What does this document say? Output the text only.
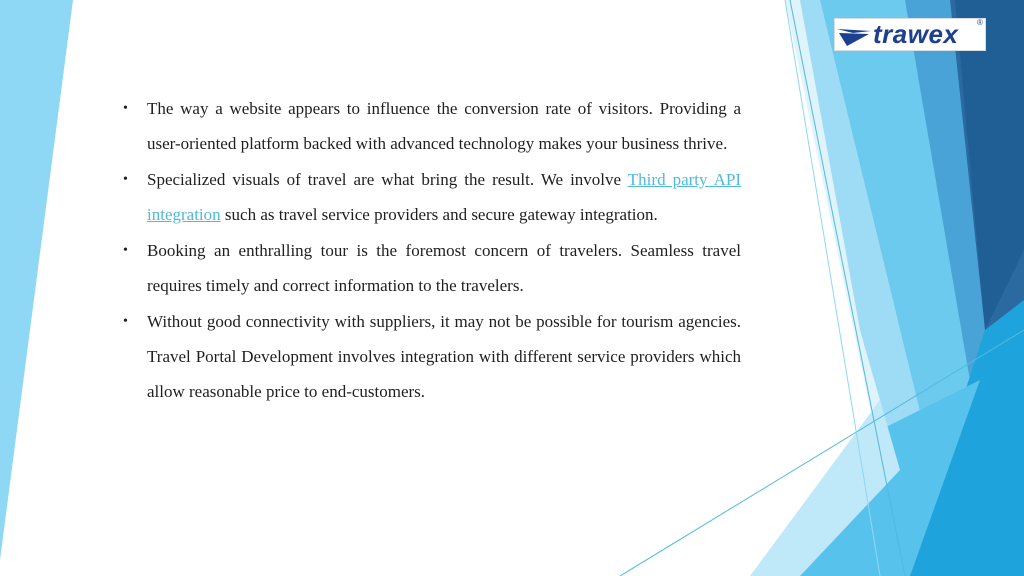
trawex ®
• The way a website appears to influence the conversion rate of visitors. Providing a user-oriented platform backed with advanced technology makes your business thrive.
• Specialized visuals of travel are what bring the result. We involve Third party API integration such as travel service providers and secure gateway integration.
• Booking an enthralling tour is the foremost concern of travelers. Seamless travel requires timely and correct information to the travelers.
• Without good connectivity with suppliers, it may not be possible for tourism agencies. Travel Portal Development involves integration with different service providers which allow reasonable price to end-customers.
